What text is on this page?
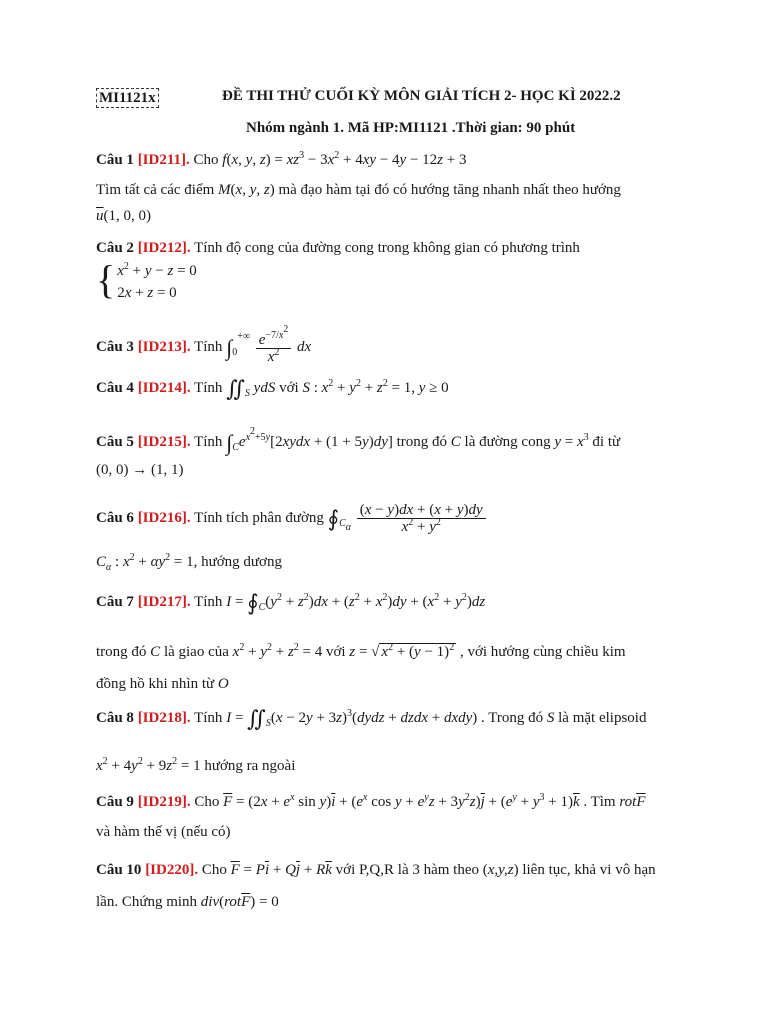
MI1121x	ĐỀ THI THỬ CUỐI KỲ MÔN GIẢI TÍCH 2- HỌC KÌ 2022.2
Nhóm ngành 1. Mã HP:MI1121 .Thời gian: 90 phút
Câu 1 [ID211]. Cho f(x, y, $z) = xz^3 - 3x^2 + 4xy - 4y - 12z + 3$
Tìm tất cả các điểm M(x, y, z) mà đạo hàm tại đó có hướng tăng nhanh nhất theo hướng
$\overline{u}(1$, 0, 0)
Câu 2 [ID212]. Tính độ cong của đường cong trong không gian có phương trình
{ $x^2 + y - z = 0$
2x + z = 0
Câu 3 [ID213]. Tính $\int_0^{+\infty} \frac{e^{-7/x^2}}{x^2}$ dx
Câu 4 [ID214]. Tính $∬_S$ ydS với S : $x^2 + y^2 + z^2 = 1$, y ≥ 0
Câu 5 [ID215]. Tính $\int_Ce^{x^2+5y}[2xydx + (1 + 5y)dy]$ trong đó C là đường cong $y = x^3$ đi từ
(0, 0) → (1, 1)
Câu 6 [ID216]. Tính tích phân đường $∮_{C_\alpha} \frac{(x - y)dx + (x + y)dy}{x^2 + y^2}$
$C_\alpha$ : $x^2 + \alpha y^2 = 1$, hướng dương
Câu 7 [ID217]. Tính $I = ∮_C(y^2 + z^2)dx + (z^2 + x^2)dy + (x^2 + y^2)dz$
trong đó C là giao của $x^2 + y^2 + z^2 = 4$ với z = √ $x^2 + (y - 1)^2$ , với hướng cùng chiều kim
đồng hồ khi nhìn từ O
Câu 8 [ID218]. Tính $I = ∬_S(x - 2y$ + 3z)$^3$(dydz + dzdx + dxdy) . Trong đó S là mặt elipsoid
$x^2 + 4y^2 + 9z^2 = 1$ hướng ra ngoài
Câu 9 [ID219]. Cho $\overline{F} = (2x + e^x$ $\sin y)\overline{i} + (e^x$ $\cos y + e^yz + 3y^2z)\overline{j} + (e^y + y^3 + 1)\overline{k}$ . Tìm $rot\overline{F}$
và hàm thế vị (nếu có)
Câu 10 [ID220]. Cho $\overline{F} = P\overline{i} + Q\overline{j} + R\overline{k}$ với P,Q,R là 3 hàm theo (x,y,z) liên tục, khả vi vô hạn
lần. Chứng minh $div(rot\overline{F}) = 0$
